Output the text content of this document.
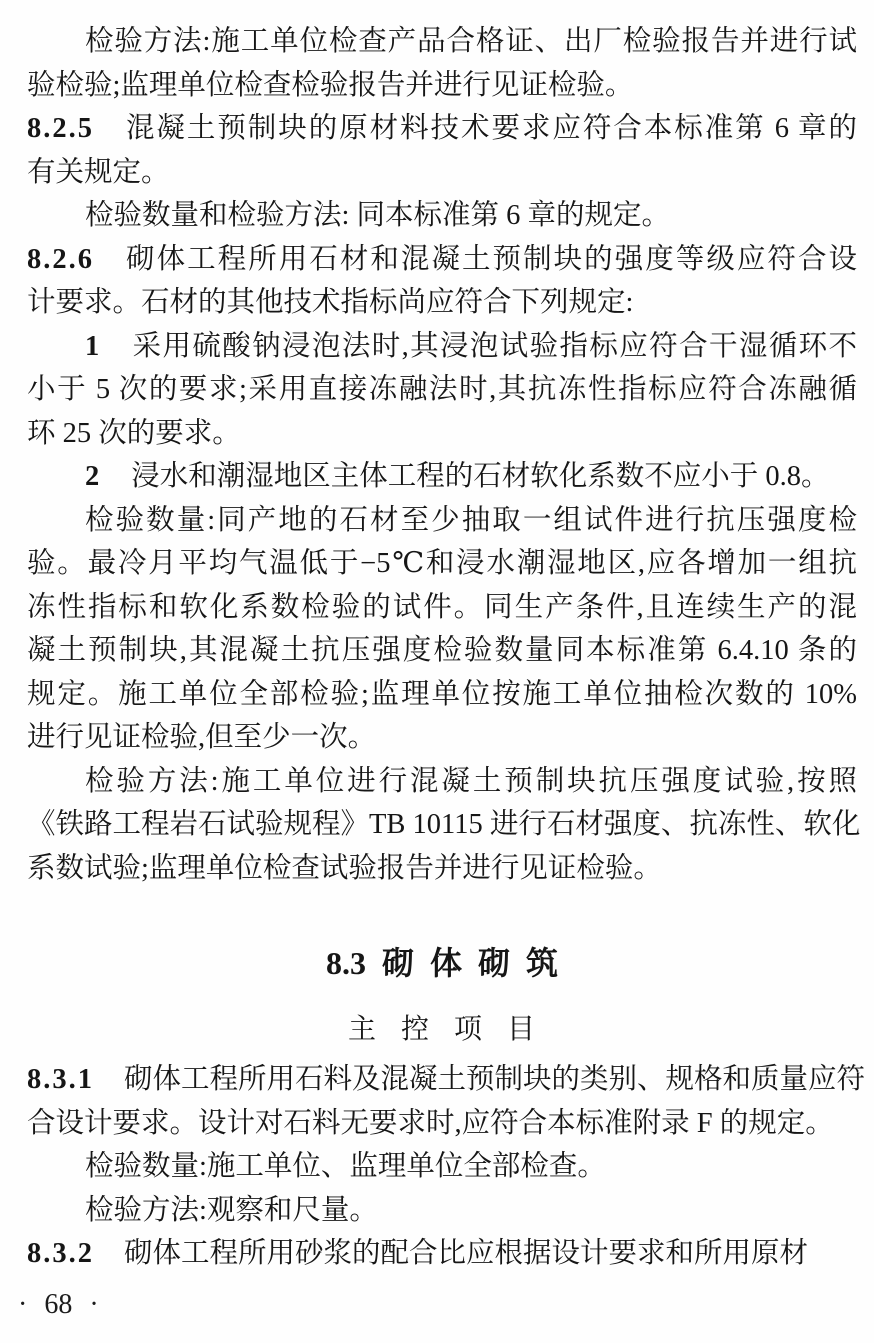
检验方法:施工单位检查产品合格证、出厂检验报告并进行试
验检验;监理单位检查检验报告并进行见证检验。
8.2.5 混凝土预制块的原材料技术要求应符合本标准第 6 章的
有关规定。
检验数量和检验方法: 同本标准第 6 章的规定。
8.2.6 砌体工程所用石材和混凝土预制块的强度等级应符合设
计要求。石材的其他技术指标尚应符合下列规定:
1 采用硫酸钠浸泡法时,其浸泡试验指标应符合干湿循环不
小于 5 次的要求;采用直接冻融法时,其抗冻性指标应符合冻融循
环 25 次的要求。
2 浸水和潮湿地区主体工程的石材软化系数不应小于 0.8。
检验数量:同产地的石材至少抽取一组试件进行抗压强度检
验。最冷月平均气温低于−5℃和浸水潮湿地区,应各增加一组抗
冻性指标和软化系数检验的试件。同生产条件,且连续生产的混
凝土预制块,其混凝土抗压强度检验数量同本标准第 6.4.10 条的
规定。施工单位全部检验;监理单位按施工单位抽检次数的 10%
进行见证检验,但至少一次。
检验方法:施工单位进行混凝土预制块抗压强度试验,按照
《铁路工程岩石试验规程》TB 10115 进行石材强度、抗冻性、软化
系数试验;监理单位检查试验报告并进行见证检验。
8.3 砌 体 砌 筑
主 控 项 目
8.3.1 砌体工程所用石料及混凝土预制块的类别、规格和质量应符
合设计要求。设计对石料无要求时,应符合本标准附录 F 的规定。
检验数量:施工单位、监理单位全部检查。
检验方法:观察和尺量。
8.3.2 砌体工程所用砂浆的配合比应根据设计要求和所用原材
· 68 ·
